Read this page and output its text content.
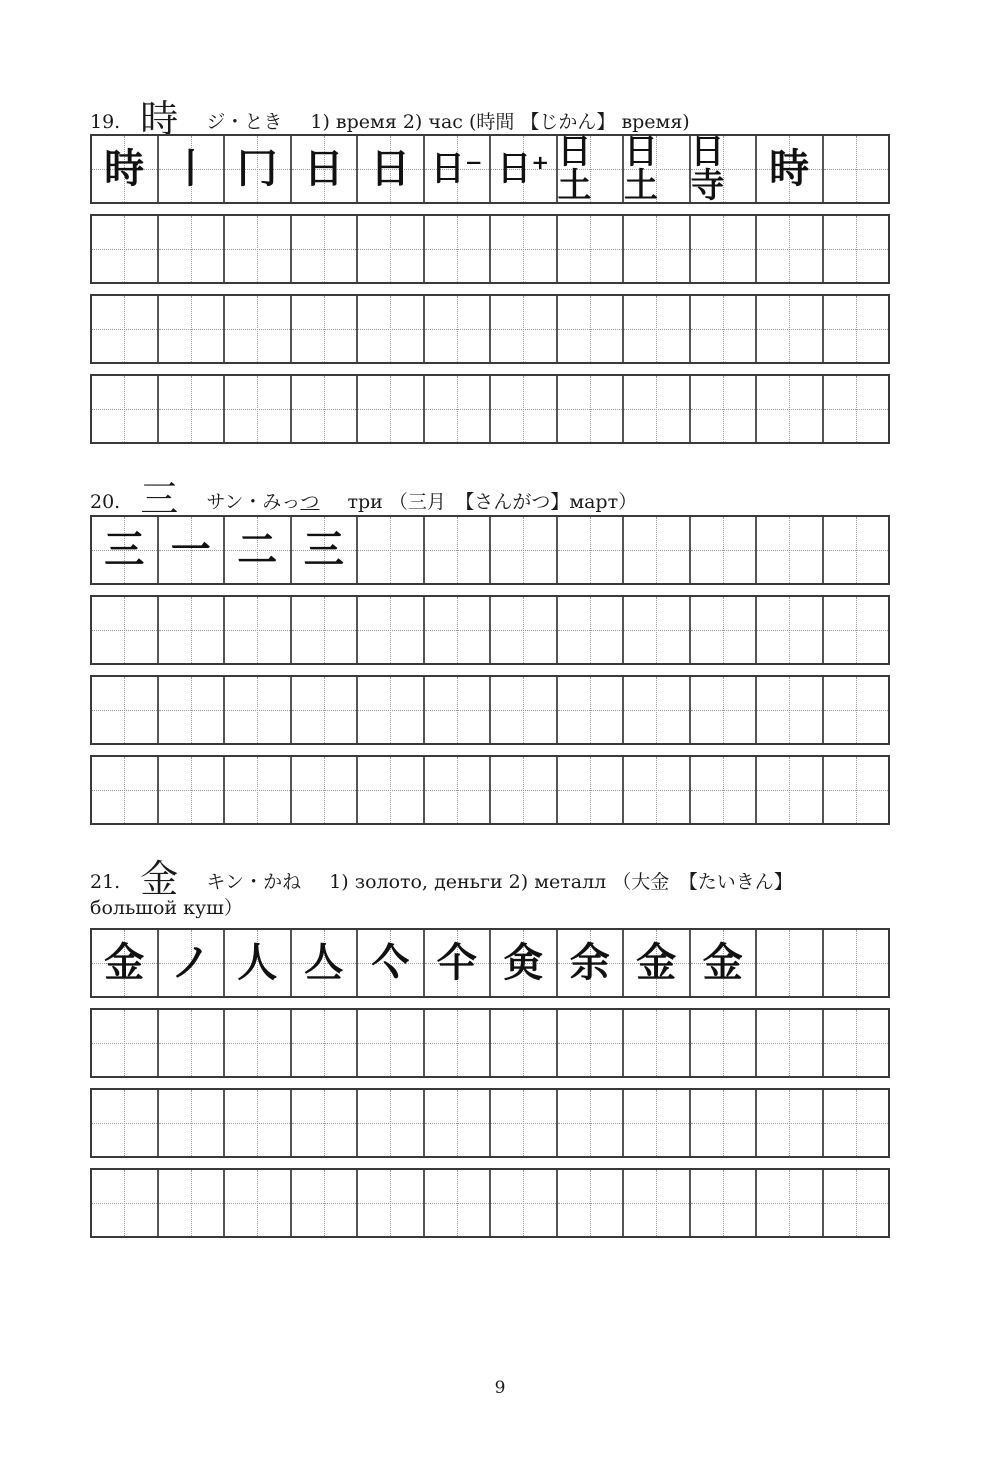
19. 時 ジ・とき 1) время 2) час (時間 【じかん】 время)
時 丨 ⼌ 日 日 日⁻ 日⁺ 日⼟
日⼟
日寺	時
20. 三 サン・みっつ три （三月　【さんがつ】март）
三 一 二 三
21. 金 キン・かね 1) золото, деньги 2) металл （大金　【たいきん】
большой куш）
金 ノ 人 亼 亽 仐 㑒 余 金 金
9
